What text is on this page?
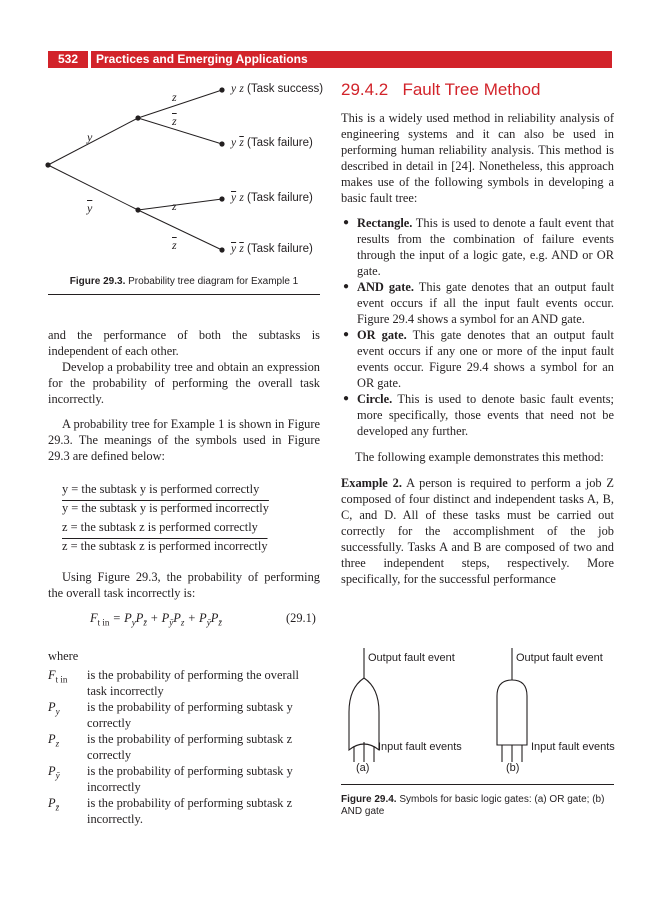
532	Practices and Emerging Applications
y
$\overline{y}$
z
$\overline{z}$
z
$\overline{z}$
y z (Task success)
y $\overline{z}$ (Task failure)
$\overline{y}$ z (Task failure)
$\overline{y}$ $\overline{z}$ (Task failure)
Figure 29.3. Probability tree diagram for Example 1

and the performance of both the subtasks is independent of each other.

Develop a probability tree and obtain an expression for the probability of performing the overall task incorrectly.

A probability tree for Example 1 is shown in Figure 29.3. The meanings of the symbols used in Figure 29.3 are defined below:

y = the subtask y is performed correctly
y = the subtask y is performed incorrectly
z = the subtask z is performed correctly
z = the subtask z is performed incorrectly

Using Figure 29.3, the probability of performing the overall task incorrectly is:

$F_{t in} = P_yP_{z̄} + P_ȳP_z + P_ȳP_{z̄}$	(29.1)
where
$F_{t in}$	is the probability of performing the overall task incorrectly
$P_y$	is the probability of performing subtask y correctly
$P_z$	is the probability of performing subtask z correctly
$P_ȳ$	is the probability of performing subtask y incorrectly
$P_{z̄}$	is the probability of performing subtask z incorrectly.
29.4.2 Fault Tree Method

This is a widely used method in reliability analysis of engineering systems and it can also be used in performing human reliability analysis. This method is described in detail in [24]. Nonetheless, this approach makes use of the following symbols in developing a basic fault tree:

● Rectangle. This is used to denote a fault event that results from the combination of failure events through the input of a logic gate, e.g. AND or OR gate.
● AND gate. This gate denotes that an output fault event occurs if all the input fault events occur. Figure 29.4 shows a symbol for an AND gate.
● OR gate. This gate denotes that an output fault event occurs if any one or more of the input fault events occur. Figure 29.4 shows a symbol for an OR gate.
● Circle. This is used to denote basic fault events; more specifically, those events that need not be developed any further.

The following example demonstrates this method:

Example 2. A person is required to perform a job Z composed of four distinct and independent tasks A, B, C, and D. All of these tasks must be carried out correctly for the accomplishment of the job successfully. Tasks A and B are composed of two and three independent steps, respectively. More specifically, for the successful performance

Output fault event
Input fault events
(a)
Output fault event
Input fault events
(b)
Figure 29.4. Symbols for basic logic gates: (a) OR gate; (b) AND gate
